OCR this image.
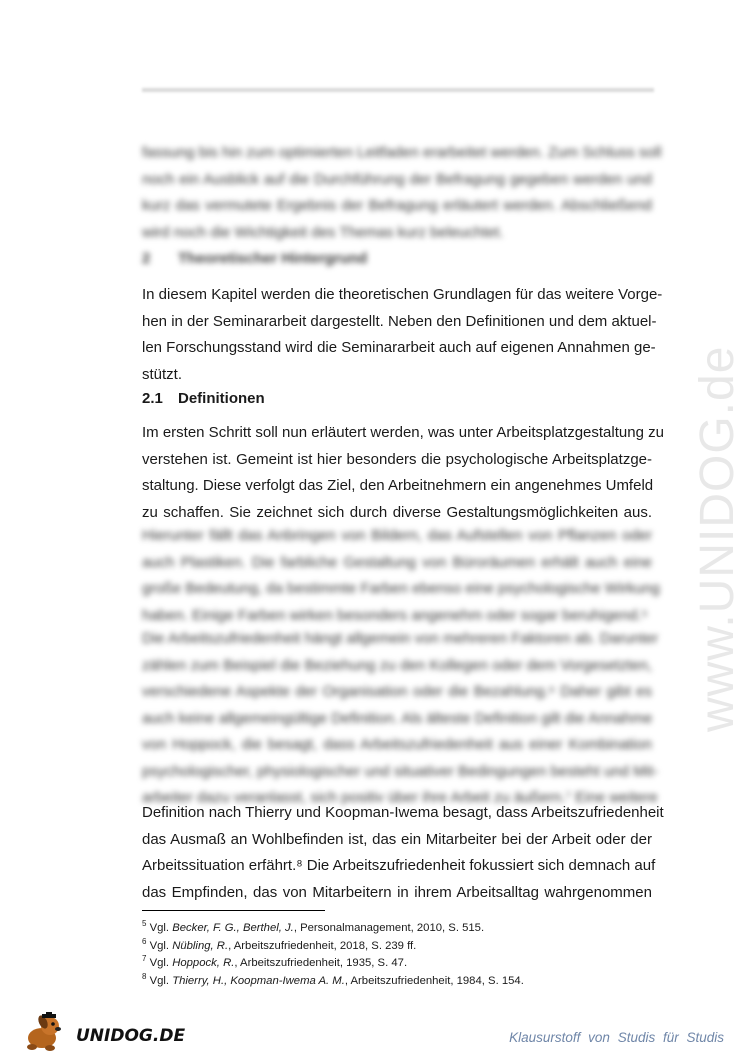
fassung bis hin zum optimierten Leitfaden erarbeitet werden. Zum Schluss soll
noch ein Ausblick auf die Durchführung der Befragung gegeben werden und
kurz das vermutete Ergebnis der Befragung erläutert werden. Abschließend
wird noch die Wichtigkeit des Themas kurz beleuchtet.
2 Theoretischer Hintergrund
In diesem Kapitel werden die theoretischen Grundlagen für das weitere Vorge-
hen in der Seminararbeit dargestellt. Neben den Definitionen und dem aktuel-
len Forschungsstand wird die Seminararbeit auch auf eigenen Annahmen ge-
stützt.
2.1 Definitionen
Im ersten Schritt soll nun erläutert werden, was unter Arbeitsplatzgestaltung zu
verstehen ist. Gemeint ist hier besonders die psychologische Arbeitsplatzge-
staltung. Diese verfolgt das Ziel, den Arbeitnehmern ein angenehmes Umfeld
zu schaffen. Sie zeichnet sich durch diverse Gestaltungsmöglichkeiten aus.
Hierunter fällt das Anbringen von Bildern, das Aufstellen von Pflanzen oder
auch Plastiken. Die farbliche Gestaltung von Büroräumen erhält auch eine
große Bedeutung, da bestimmte Farben ebenso eine psychologische Wirkung
haben. Einige Farben wirken besonders angenehm oder sogar beruhigend.⁵
Die Arbeitszufriedenheit hängt allgemein von mehreren Faktoren ab. Darunter
zählen zum Beispiel die Beziehung zu den Kollegen oder dem Vorgesetzten,
verschiedene Aspekte der Organisation oder die Bezahlung.⁶ Daher gibt es
auch keine allgemeingültige Definition. Als älteste Definition gilt die Annahme
von Hoppock, die besagt, dass Arbeitszufriedenheit aus einer Kombination
psychologischer, physiologischer und situativer Bedingungen besteht und Mit-
arbeiter dazu veranlasst, sich positiv über ihre Arbeit zu äußern.⁷ Eine weitere
Definition nach Thierry und Koopman-Iwema besagt, dass Arbeitszufriedenheit
das Ausmaß an Wohlbefinden ist, das ein Mitarbeiter bei der Arbeit oder der
Arbeitssituation erfährt.⁸ Die Arbeitszufriedenheit fokussiert sich demnach auf
das Empfinden, das von Mitarbeitern in ihrem Arbeitsalltag wahrgenommen
$^5$ Vgl. Becker, F. G., Berthel, J., Personalmanagement, 2010, S. 515.
$^6$ Vgl. Nübling, R., Arbeitszufriedenheit, 2018, S. 239 ff.
$^7$ Vgl. Hoppock, R., Arbeitszufriedenheit, 1935, S. 47.
$^8$ Vgl. Thierry, H., Koopman-Iwema A. M., Arbeitszufriedenheit, 1984, S. 154.
www.UNIDOG.de
UNIDOG.DE	Klausurstoff von Studis für Studis
